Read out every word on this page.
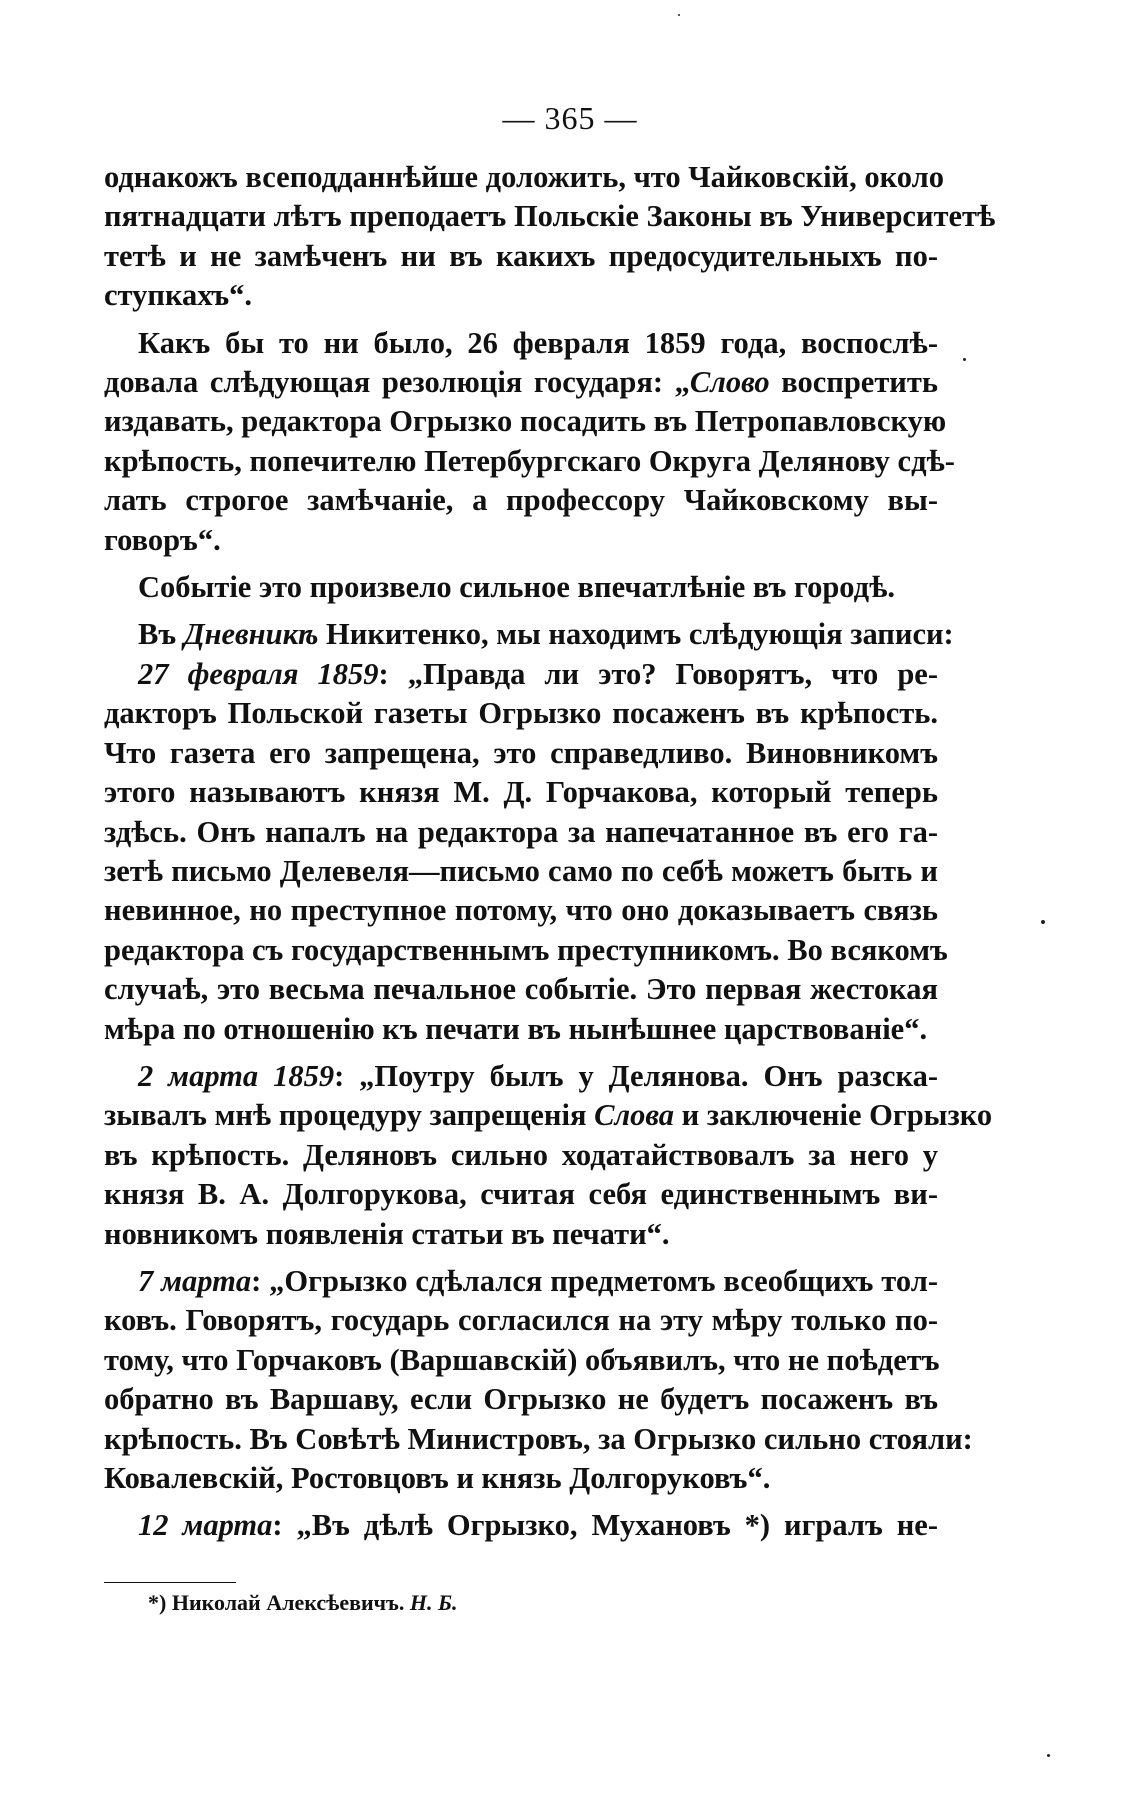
— 365 —
однакожъ всеподданнѣйше доложить, что Чайковскій, около
пятнадцати лѣтъ преподаетъ Польскіе Законы въ Университетѣ
тетѣ и не замѣченъ ни въ какихъ предосудительныхъ по-
ступкахъ“.
Какъ бы то ни было, 26 февраля 1859 года, воспослѣ-
довала слѣдующая резолюція государя: „Слово воспретить
издавать, редактора Огрызко посадить въ Петропавловскую
крѣпость, попечителю Петербургскаго Округа Делянову сдѣ-
лать строгое замѣчаніе, а профессору Чайковскому вы-
говоръ“.
Событіе это произвело сильное впечатлѣніе въ городѣ.
Въ Дневникѣ Никитенко, мы находимъ слѣдующія записи:
27 февраля 1859: „Правда ли это? Говорятъ, что ре-
дакторъ Польской газеты Огрызко посаженъ въ крѣпость.
Что газета его запрещена, это справедливо. Виновникомъ
этого называютъ князя М. Д. Горчакова, который теперь
здѣсь. Онъ напалъ на редактора за напечатанное въ его га-
зетѣ письмо Делевеля—письмо само по себѣ можетъ быть и
невинное, но преступное потому, что оно доказываетъ связь
редактора съ государственнымъ преступникомъ. Во всякомъ
случаѣ, это весьма печальное событіе. Это первая жестокая
мѣра по отношенію къ печати въ нынѣшнее царствованіе“.
2 марта 1859: „Поутру былъ у Делянова. Онъ разска-
зывалъ мнѣ процедуру запрещенія Слова и заключеніе Огрызко
въ крѣпость. Деляновъ сильно ходатайствовалъ за него у
князя В. А. Долгорукова, считая себя единственнымъ ви-
новникомъ появленія статьи въ печати“.
7 марта: „Огрызко сдѣлался предметомъ всеобщихъ тол-
ковъ. Говорятъ, государь согласился на эту мѣру только по-
тому, что Горчаковъ (Варшавскій) объявилъ, что не поѣдетъ
обратно въ Варшаву, если Огрызко не будетъ посаженъ въ
крѣпость. Въ Совѣтѣ Министровъ, за Огрызко сильно стояли:
Ковалевскій, Ростовцовъ и князь Долгоруковъ“.
12 марта: „Въ дѣлѣ Огрызко, Мухановъ *) игралъ не-
*) Николай Алексѣевичъ. Н. Б.
